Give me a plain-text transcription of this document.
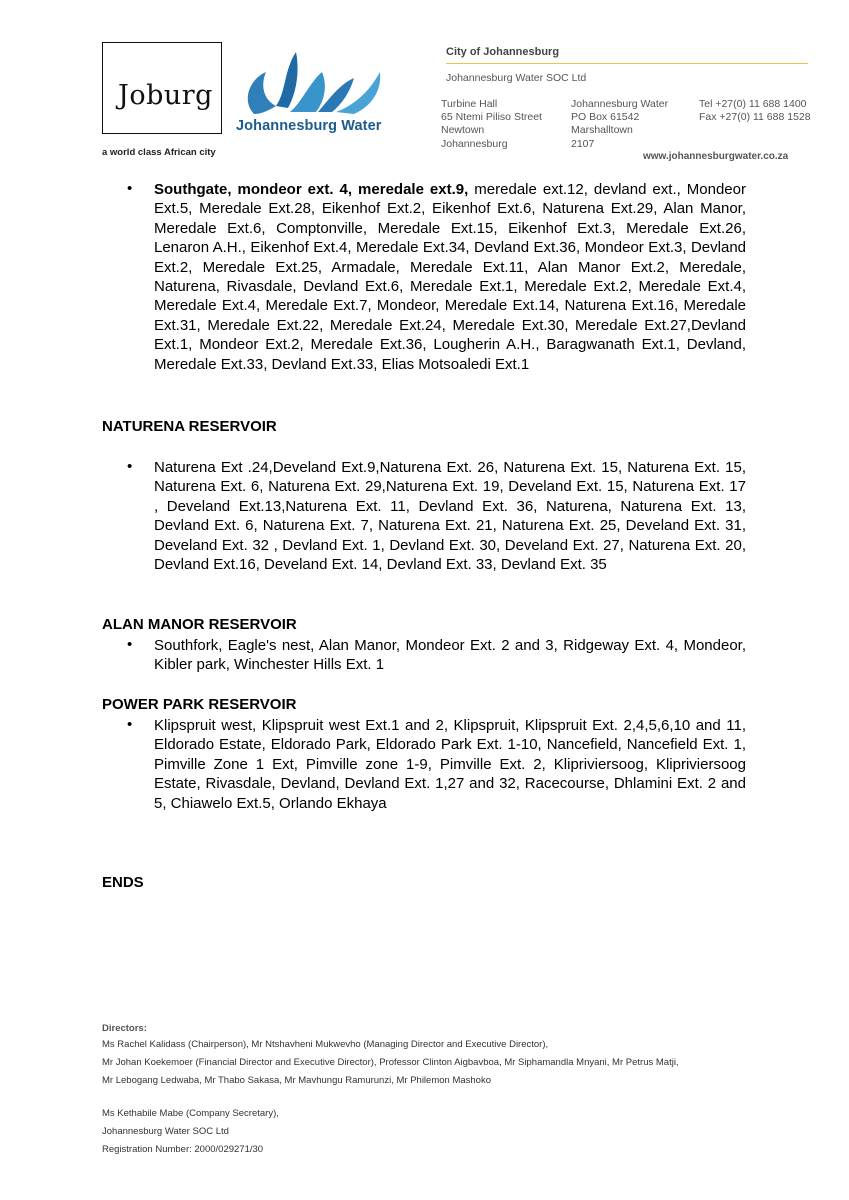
Joburg
a world class African city
Johannesburg Water
City of Johannesburg
Johannesburg Water SOC Ltd
Turbine Hall
65 Ntemi Piliso Street
Newtown
Johannesburg
Johannesburg Water
PO Box 61542
Marshalltown
2107
Tel +27(0) 11 688 1400
Fax +27(0) 11 688 1528
www.johannesburgwater.co.za
• Southgate, mondeor ext. 4, meredale ext.9, meredale ext.12, devland ext., Mondeor Ext.5, Meredale Ext.28, Eikenhof Ext.2, Eikenhof Ext.6, Naturena Ext.29, Alan Manor, Meredale Ext.6, Comptonville, Meredale Ext.15, Eikenhof Ext.3, Meredale Ext.26, Lenaron A.H., Eikenhof Ext.4, Meredale Ext.34, Devland Ext.36, Mondeor Ext.3, Devland Ext.2, Meredale Ext.25, Armadale, Meredale Ext.11, Alan Manor Ext.2, Meredale, Naturena, Rivasdale, Devland Ext.6, Meredale Ext.1, Meredale Ext.2, Meredale Ext.4, Meredale Ext.4, Meredale Ext.7, Mondeor, Meredale Ext.14, Naturena Ext.16, Meredale Ext.31, Meredale Ext.22, Meredale Ext.24, Meredale Ext.30, Meredale Ext.27,Devland Ext.1, Mondeor Ext.2, Meredale Ext.36, Lougherin A.H., Baragwanath Ext.1, Devland, Meredale Ext.33, Devland Ext.33, Elias Motsoaledi Ext.1
NATURENA RESERVOIR
• Naturena Ext .24,Develand Ext.9,Naturena Ext. 26, Naturena Ext. 15, Naturena Ext. 15, Naturena Ext. 6, Naturena Ext. 29,Naturena Ext. 19, Develand Ext. 15, Naturena Ext. 17 , Develand Ext.13,Naturena Ext. 11, Devland Ext. 36, Naturena, Naturena Ext. 13, Devland Ext. 6, Naturena Ext. 7, Naturena Ext. 21, Naturena Ext. 25, Develand Ext. 31, Develand Ext. 32 , Devland Ext. 1, Devland Ext. 30, Develand Ext. 27, Naturena Ext. 20, Devland Ext.16, Develand Ext. 14, Devland Ext. 33, Devland Ext. 35
ALAN MANOR RESERVOIR
• Southfork, Eagle's nest, Alan Manor, Mondeor Ext. 2 and 3, Ridgeway Ext. 4, Mondeor, Kibler park, Winchester Hills Ext. 1
POWER PARK RESERVOIR
• Klipspruit west, Klipspruit west Ext.1 and 2, Klipspruit, Klipspruit Ext. 2,4,5,6,10 and 11, Eldorado Estate, Eldorado Park, Eldorado Park Ext. 1-10, Nancefield, Nancefield Ext. 1, Pimville Zone 1 Ext, Pimville zone 1-9, Pimville Ext. 2, Klipriviersoog, Klipriviersoog Estate, Rivasdale, Devland, Devland Ext. 1,27 and 32, Racecourse, Dhlamini Ext. 2 and 5, Chiawelo Ext.5, Orlando Ekhaya
ENDS
Directors:
Ms Rachel Kalidass (Chairperson), Mr Ntshavheni Mukwevho (Managing Director and Executive Director),
Mr Johan Koekemoer (Financial Director and Executive Director), Professor Clinton Aigbavboa, Mr Siphamandla Mnyani, Mr Petrus Matji,
Mr Lebogang Ledwaba, Mr Thabo Sakasa, Mr Mavhungu Ramurunzi, Mr Philemon Mashoko
Ms Kethabile Mabe (Company Secretary),
Johannesburg Water SOC Ltd
Registration Number: 2000/029271/30
